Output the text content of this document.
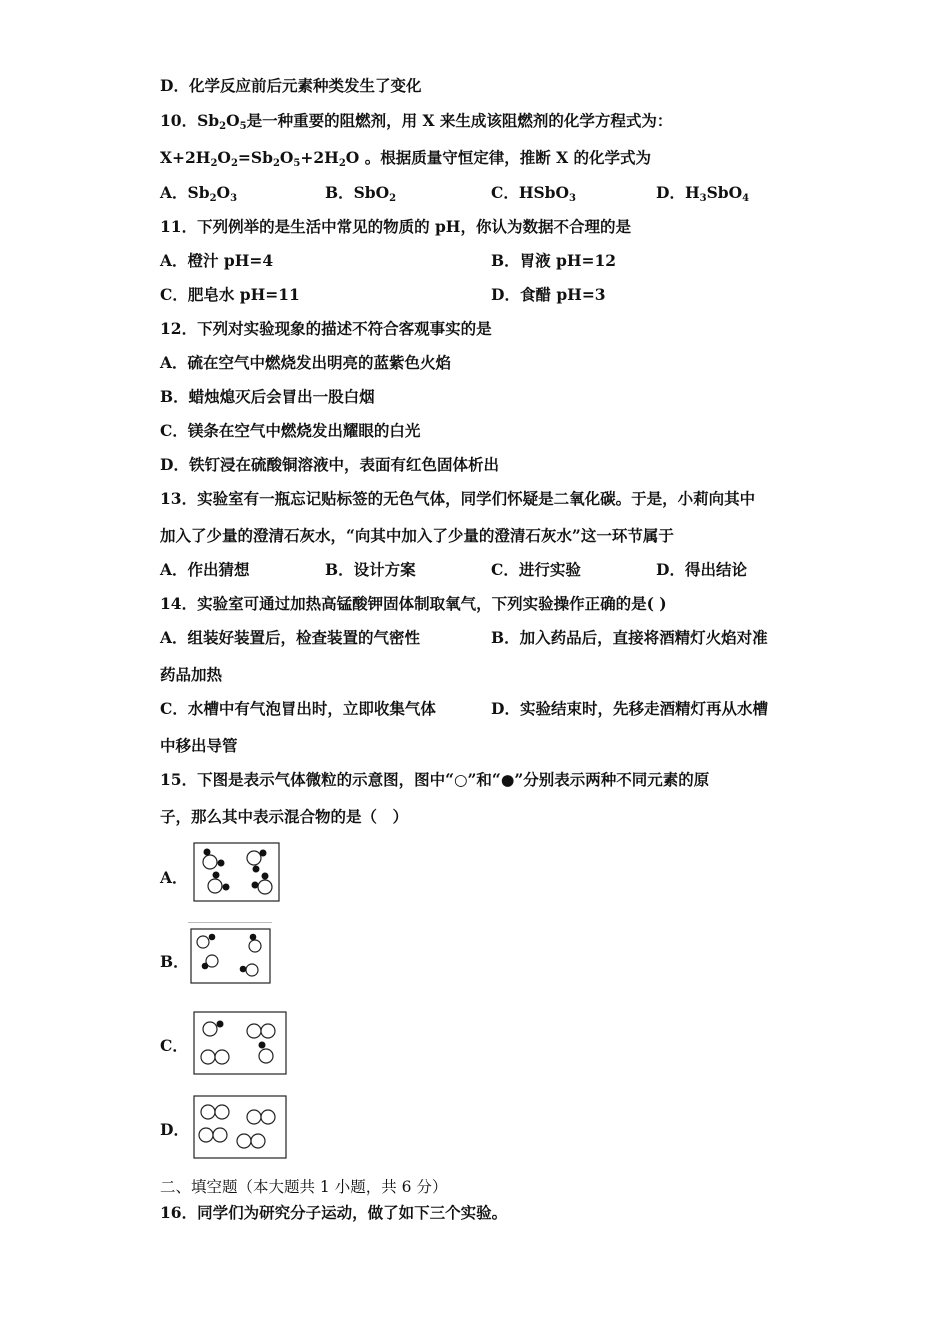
D．化学反应前后元素种类发生了变化
10．$Sb_2O_5$是一种重要的阻燃剂，用 X 来生成该阻燃剂的化学方程式为：
$X+2H_2O_2=Sb_2O_5+2H_2O$ 。根据质量守恒定律，推断 X 的化学式为
A．$Sb_2O_3$	B．SbO$_2$	C．HSbO$_3$	D．$H_3SbO_4$
11．下列例举的是生活中常见的物质的 pH，你认为数据不合理的是
A．橙汁 pH=4	B．胃液 pH=12
C．肥皂水 pH=11	D．食醋 pH=3
12．下列对实验现象的描述不符合客观事实的是
A．硫在空气中燃烧发出明亮的蓝紫色火焰
B．蜡烛熄灭后会冒出一股白烟
C．镁条在空气中燃烧发出耀眼的白光
D．铁钉浸在硫酸铜溶液中，表面有红色固体析出
13．实验室有一瓶忘记贴标签的无色气体，同学们怀疑是二氧化碳。于是，小莉向其中
加入了少量的澄清石灰水，“向其中加入了少量的澄清石灰水”这一环节属于
A．作出猜想	B．设计方案	C．进行实验	D．得出结论
14．实验室可通过加热高锰酸钾固体制取氧气，下列实验操作正确的是( )
A．组装好装置后，检查装置的气密性	B．加入药品后，直接将酒精灯火焰对准
药品加热
C．水槽中有气泡冒出时，立即收集气体	D．实验结束时，先移走酒精灯再从水槽
中移出导管
15．下图是表示气体微粒的示意图，图中“○”和“●”分别表示两种不同元素的原
子，那么其中表示混合物的是（　）
A．
B．
C．
D．
二、填空题（本大题共 1 小题，共 6 分）
16．同学们为研究分子运动，做了如下三个实验。
